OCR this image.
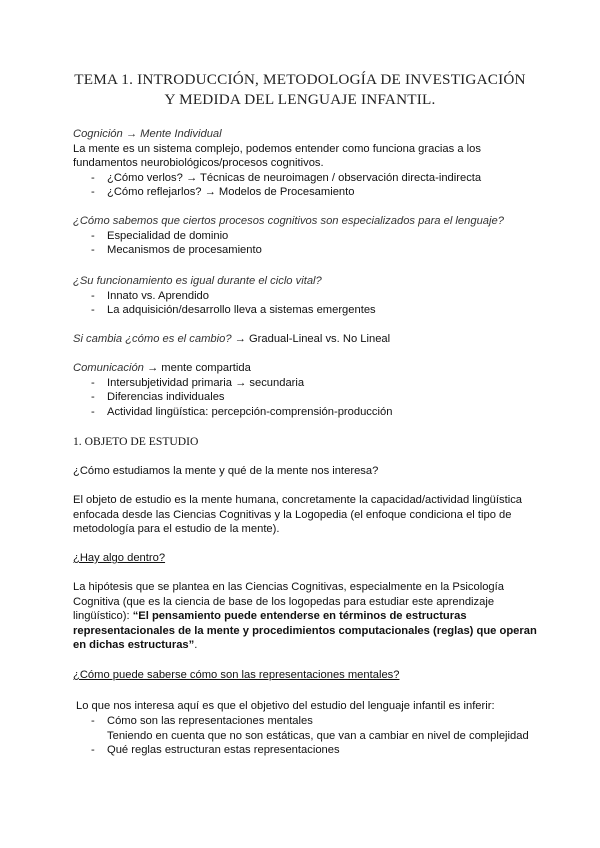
TEMA 1. INTRODUCCIÓN, METODOLOGÍA DE INVESTIGACIÓN
Y MEDIDA DEL LENGUAJE INFANTIL.

Cognición → Mente Individual

La mente es un sistema complejo, podemos entender como funciona gracias a los fundamentos neurobiológicos/procesos cognitivos.

- ¿Cómo verlos? → Técnicas de neuroimagen / observación directa-indirecta
- ¿Cómo reflejarlos? → Modelos de Procesamiento

¿Cómo sabemos que ciertos procesos cognitivos son especializados para el lenguaje?

- Especialidad de dominio
- Mecanismos de procesamiento

¿Su funcionamiento es igual durante el ciclo vital?

- Innato vs. Aprendido
- La adquisición/desarrollo lleva a sistemas emergentes

Si cambia ¿cómo es el cambio? → Gradual-Lineal vs. No Lineal

Comunicación → mente compartida

- Intersubjetividad primaria → secundaria
- Diferencias individuales
- Actividad lingüística: percepción-comprensión-producción

1. OBJETO DE ESTUDIO

¿Cómo estudiamos la mente y qué de la mente nos interesa?

El objeto de estudio es la mente humana, concretamente la capacidad/actividad lingüística enfocada desde las Ciencias Cognitivas y la Logopedia (el enfoque condiciona el tipo de metodología para el estudio de la mente).

¿Hay algo dentro?

La hipótesis que se plantea en las Ciencias Cognitivas, especialmente en la Psicología Cognitiva (que es la ciencia de base de los logopedas para estudiar este aprendizaje lingüístico): “El pensamiento puede entenderse en términos de estructuras representacionales de la mente y procedimientos computacionales (reglas) que operan en dichas estructuras”.

¿Cómo puede saberse cómo son las representaciones mentales?

Lo que nos interesa aquí es que el objetivo del estudio del lenguaje infantil es inferir:

- Cómo son las representaciones mentales
Teniendo en cuenta que no son estáticas, que van a cambiar en nivel de complejidad
- Qué reglas estructuran estas representaciones
